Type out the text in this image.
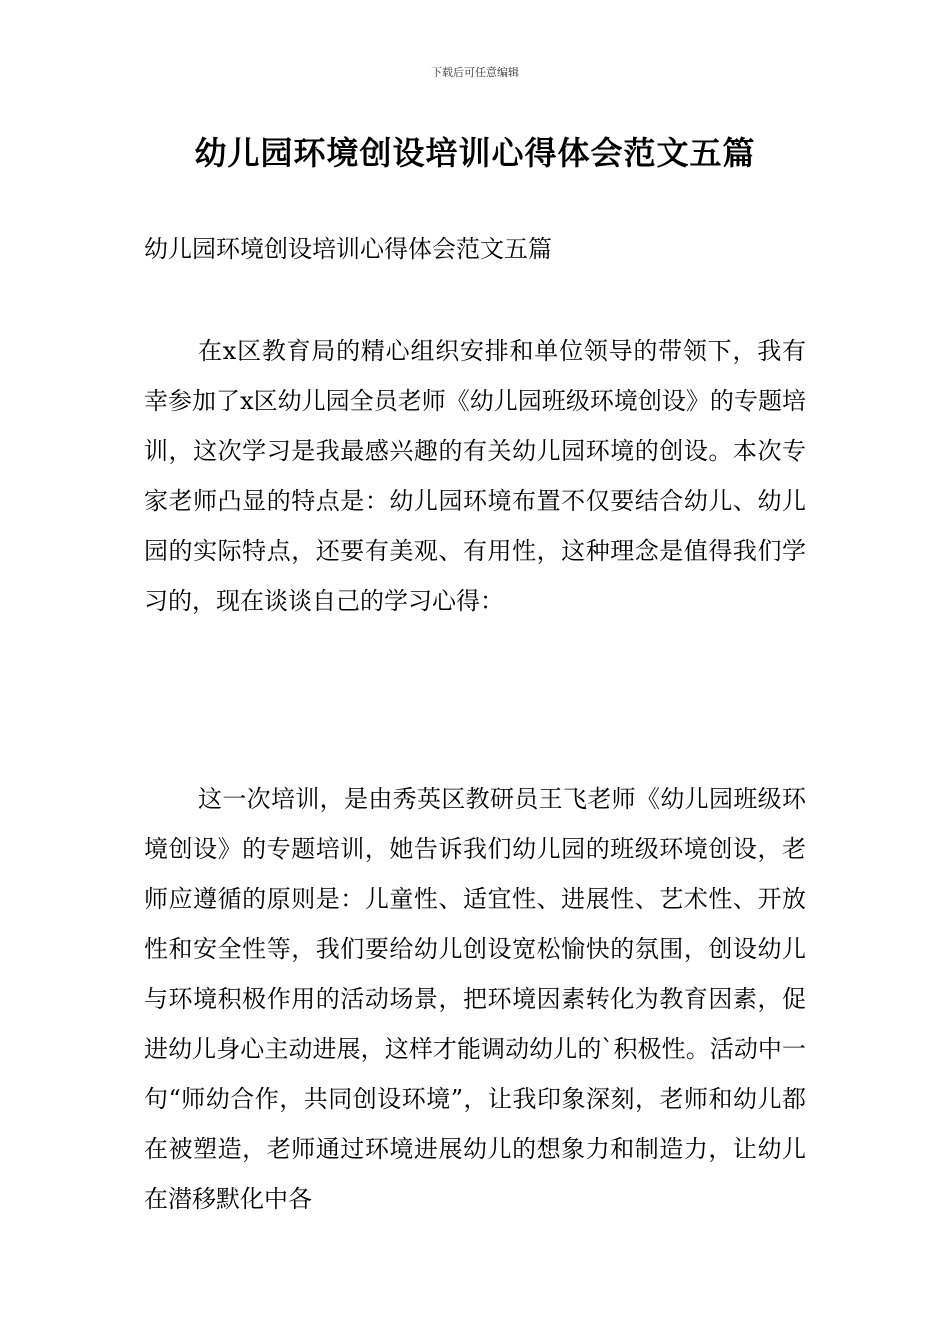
下载后可任意编辑
幼儿园环境创设培训心得体会范文五篇
幼儿园环境创设培训心得体会范文五篇
在x区教育局的精心组织安排和单位领导的带领下，我有幸参加了x区幼儿园全员老师《幼儿园班级环境创设》的专题培训，这次学习是我最感兴趣的有关幼儿园环境的创设。本次专家老师凸显的特点是：幼儿园环境布置不仅要结合幼儿、幼儿园的实际特点，还要有美观、有用性，这种理念是值得我们学习的，现在谈谈自己的学习心得：
这一次培训，是由秀英区教研员王飞老师《幼儿园班级环境创设》的专题培训，她告诉我们幼儿园的班级环境创设，老师应遵循的原则是：儿童性、适宜性、进展性、艺术性、开放性和安全性等，我们要给幼儿创设宽松愉快的氛围，创设幼儿与环境积极作用的活动场景，把环境因素转化为教育因素，促进幼儿身心主动进展，这样才能调动幼儿的`积极性。活动中一句“师幼合作，共同创设环境”，让我印象深刻，老师和幼儿都在被塑造，老师通过环境进展幼儿的想象力和制造力，让幼儿在潜移默化中各
